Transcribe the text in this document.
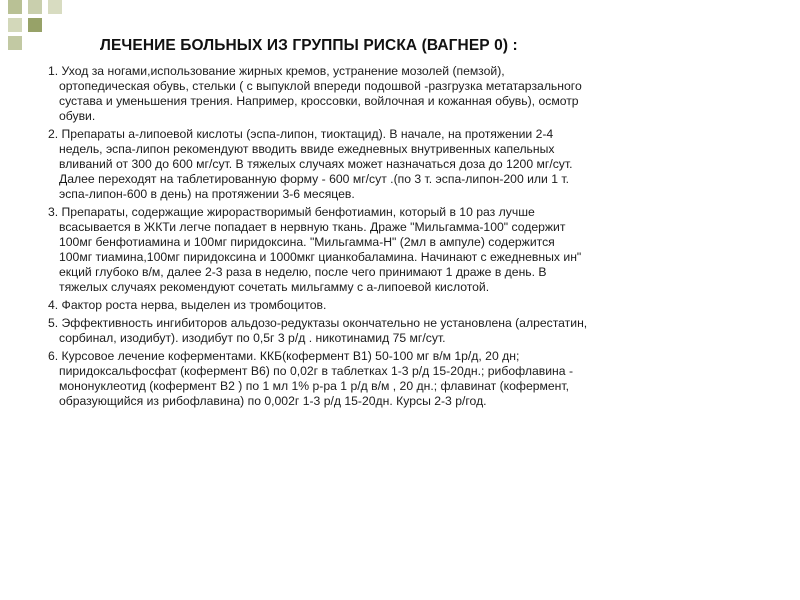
ЛЕЧЕНИЕ БОЛЬНЫХ ИЗ ГРУППЫ РИСКА (ВАГНЕР 0) :
1. Уход за ногами,использование жирных кремов, устранение мозолей (пемзой),
ортопедическая обувь, стельки ( с выпуклой впереди подошвой -разгрузка метатарзального
сустава и уменьшения трения. Например, кроссовки, войлочная и кожанная обувь), осмотр
обуви.
2. Препараты а-липоевой кислоты (эспа-липон, тиоктацид). В начале, на протяжении 2-4
недель, эспа-липон рекомендуют вводить ввиде ежедневных внутривенных капельных
вливаний от 300 до 600 мг/сут. В тяжелых случаях может назначаться доза до 1200 мг/сут.
Далее переходят на таблетированную форму - 600 мг/сут .(по 3 т. эспа-липон-200 или 1 т.
эспа-липон-600 в день) на протяжении 3-6 месяцев.
3. Препараты, содержащие жирорастворимый бенфотиамин, который в 10 раз лучше
всасывается в ЖКТи легче попадает в нервную ткань. Драже "Мильгамма-100" содержит
100мг бенфотиамина и 100мг пиридоксина. "Мильгамма-Н" (2мл в ампуле) содержится
100мг тиамина,100мг пиридоксина и 1000мкг цианкобаламина. Начинают с ежедневных ин"
екций глубоко в/м, далее 2-3 раза в неделю, после чего принимают 1 драже в день. В
тяжелых случаях рекомендуют сочетать мильгамму с а-липоевой кислотой.
4. Фактор роста нерва, выделен из тромбоцитов.
5. Эффективность ингибиторов альдозо-редуктазы окончательно не установлена (алрестатин,
сорбинал, изодибут). изодибут по 0,5г 3 р/д . никотинамид 75 мг/сут.
6. Курсовое лечение коферментами. ККБ(кофермент В1) 50-100 мг в/м 1р/д, 20 дн;
пиридоксальфосфат (кофермент В6) по 0,02г в таблетках 1-3 р/д 15-20дн.; рибофлавина -
мононуклеотид (кофермент В2 ) по 1 мл 1% р-ра 1 р/д в/м , 20 дн.; флавинат (кофермент,
образующийся из рибофлавина) по 0,002г 1-3 р/д 15-20дн. Курсы 2-3 р/год.
